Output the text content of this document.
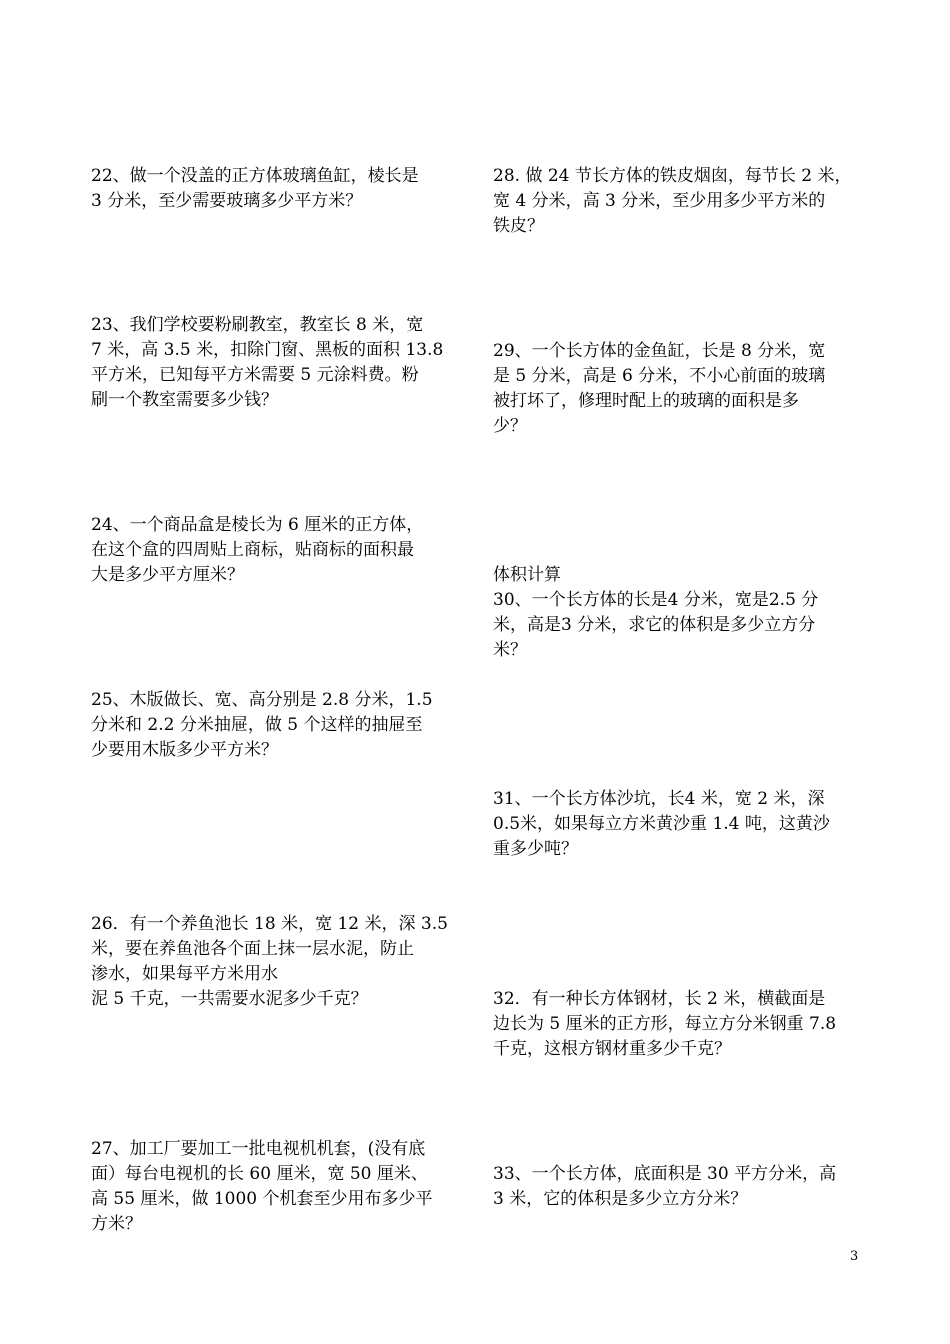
22、做一个没盖的正方体玻璃鱼缸，棱长是
3 分米，至少需要玻璃多少平方米？
23、我们学校要粉刷教室，教室长 8 米，宽
7 米，高 3.5 米，扣除门窗、黑板的面积 13.8
平方米，已知每平方米需要 5 元涂料费。粉
刷一个教室需要多少钱？
24、一个商品盒是棱长为 6 厘米的正方体，
在这个盒的四周贴上商标，贴商标的面积最
大是多少平方厘米？
25、木版做长、宽、高分别是 2.8 分米，1.5
分米和 2.2 分米抽屉，做 5 个这样的抽屉至
少要用木版多少平方米？
26．有一个养鱼池长 18 米，宽 12 米，深 3.5
米，要在养鱼池各个面上抹一层水泥，防止
渗水，如果每平方米用水
泥 5 千克，一共需要水泥多少千克？
27、加工厂要加工一批电视机机套，(没有底
面）每台电视机的长 60 厘米，宽 50 厘米、
高 55 厘米，做 1000 个机套至少用布多少平
方米？
28. 做 24 节长方体的铁皮烟囱，每节长 2 米，
宽 4 分米，高 3 分米，至少用多少平方米的
铁皮？
29、一个长方体的金鱼缸，长是 8 分米，宽
是 5 分米，高是 6 分米，不小心前面的玻璃
被打坏了，修理时配上的玻璃的面积是多
少？
体积计算
30、一个长方体的长是4 分米，宽是2.5 分
米，高是3 分米，求它的体积是多少立方分
米？
31、一个长方体沙坑，长4 米，宽 2 米，深
0.5米，如果每立方米黄沙重 1.4 吨，这黄沙
重多少吨？
32．有一种长方体钢材，长 2 米，横截面是
边长为 5 厘米的正方形，每立方分米钢重 7.8
千克，这根方钢材重多少千克？
33、一个长方体，底面积是 30 平方分米，高
3 米，它的体积是多少立方分米？
3
